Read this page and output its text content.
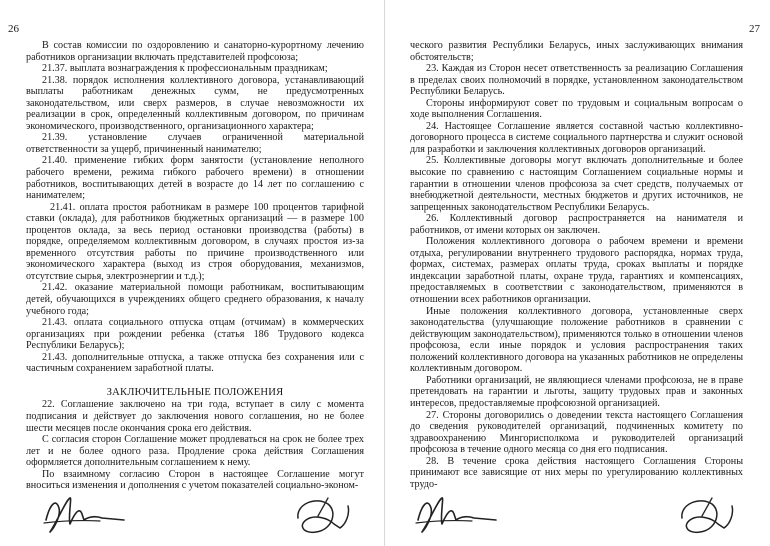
26	27

В состав комиссии по оздоровлению и санаторно-курортному лечению работников организации включать представителей профсоюза;

21.37. выплата вознаграждения к профессиональным праздникам;

21.38. порядок исполнения коллективного договора, устанавливающий выплаты работникам денежных сумм, не предусмотренных законодательством, или сверх размеров, в случае невозможности их реализации в срок, определенный коллективным договором, по причинам экономического, производственного, организационного характера;

21.39. установление случаев ограниченной материальной ответственности за ущерб, причиненный нанимателю;

21.40. применение гибких форм занятости (установление неполного рабочего времени, режима гибкого рабочего времени) в отношении работников, воспитывающих детей в возрасте до 14 лет по соглашению с нанимателем;

21.41. оплата простоя работникам в размере 100 процентов тарифной ставки (оклада), для работников бюджетных организаций — в размере 100 процентов оклада, за весь период остановки производства (работы) в порядке, определяемом коллективным договором, в случаях простоя из-за временного отсутствия работы по причине производственного или экономического характера (выход из строя оборудования, механизмов, отсутствие сырья, электроэнергии и т.д.);

21.42. оказание материальной помощи работникам, воспитывающим детей, обучающихся в учреждениях общего среднего образования, к началу учебного года;

21.43. оплата социального отпуска отцам (отчимам) в коммерческих организациях при рождении ребенка (статья 186 Трудового кодекса Республики Беларусь);

21.43. дополнительные отпуска, а также отпуска без сохранения или с частичным сохранением заработной платы.

ЗАКЛЮЧИТЕЛЬНЫЕ ПОЛОЖЕНИЯ

22. Соглашение заключено на три года, вступает в силу с момента подписания и действует до заключения нового соглашения, но не более шести месяцев после окончания срока его действия.

С согласия сторон Соглашение может продлеваться на срок не более трех лет и не более одного раза. Продление срока действия Соглашения оформляется дополнительным соглашением к нему.

По взаимному согласию Сторон в настоящее Соглашение могут вноситься изменения и дополнения с учетом показателей социально-эконом-

ческого развития Республики Беларусь, иных заслуживающих внимания обстоятельств;

23. Каждая из Сторон несет ответственность за реализацию Соглашения в пределах своих полномочий в порядке, установленном законодательством Республики Беларусь.

Стороны информируют совет по трудовым и социальным вопросам о ходе выполнения Соглашения.

24. Настоящее Соглашение является составной частью коллективно-договорного процесса в системе социального партнерства и служит основой для разработки и заключения коллективных договоров организаций.

25. Коллективные договоры могут включать дополнительные и более высокие по сравнению с настоящим Соглашением социальные нормы и гарантии в отношении членов профсоюза за счет средств, получаемых от внебюджетной деятельности, местных бюджетов и других источников, не запрещенных законодательством Республики Беларусь.

26. Коллективный договор распространяется на нанимателя и работников, от имени которых он заключен.

Положения коллективного договора о рабочем времени и времени отдыха, регулировании внутреннего трудового распорядка, нормах труда, формах, системах, размерах оплаты труда, сроках выплаты и порядке индексации заработной платы, охране труда, гарантиях и компенсациях, предоставляемых в соответствии с законодательством, применяются в отношении всех работников организации.

Иные положения коллективного договора, установленные сверх законодательства (улучшающие положение работников в сравнении с действующим законодательством), применяются только в отношении членов профсоюза, если иные порядок и условия распространения таких положений коллективного договора на указанных работников не определены коллективным договором.

Работники организаций, не являющиеся членами профсоюза, не в праве претендовать на гарантии и льготы, защиту трудовых прав и законных интересов, предоставляемые профсоюзной организацией.

27. Стороны договорились о доведении текста настоящего Соглашения до сведения руководителей организаций, подчиненных комитету по здравоохранению Мингорисполкома и руководителей организаций профсоюза в течение одного месяца со дня его подписания.

28. В течение срока действия настоящего Соглашения Стороны принимают все зависящие от них меры по урегулированию коллективных трудо-
